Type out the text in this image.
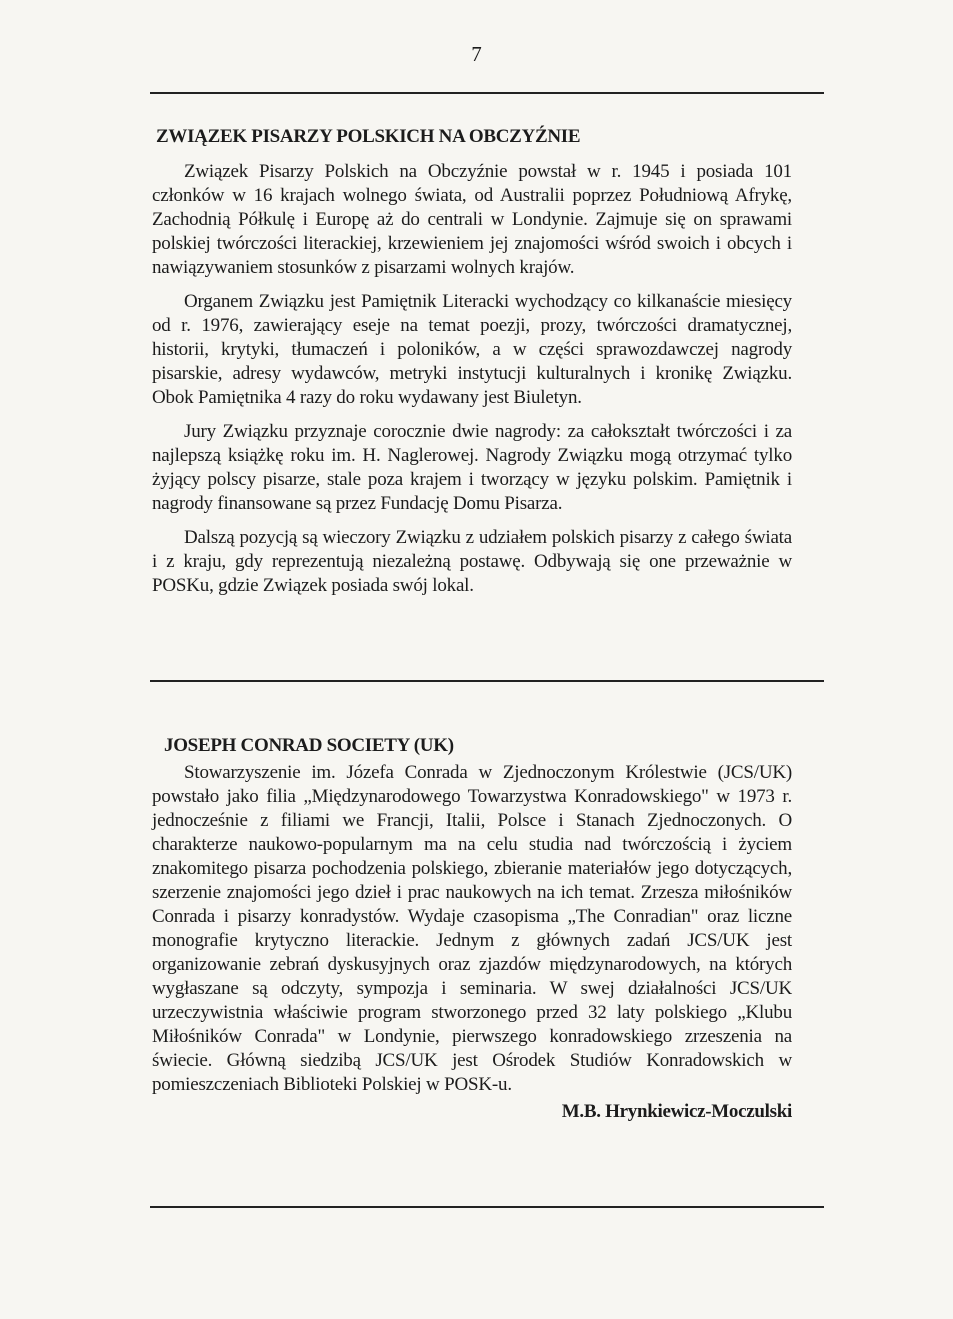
7
ZWIĄZEK PISARZY POLSKICH NA OBCZYŹNIE

Związek Pisarzy Polskich na Obczyźnie powstał w r. 1945 i posiada 101 członków w 16 krajach wolnego świata, od Australii poprzez Południową Afrykę, Zachodnią Półkulę i Europę aż do centrali w Londynie. Zajmuje się on sprawami polskiej twórczości literackiej, krzewieniem jej znajomości wśród swoich i obcych i nawiązywaniem stosunków z pisarzami wolnych krajów.

Organem Związku jest Pamiętnik Literacki wychodzący co kilkanaście miesięcy od r. 1976, zawierający eseje na temat poezji, prozy, twórczości dramatycznej, historii, krytyki, tłumaczeń i poloników, a w części sprawozdawczej nagrody pisarskie, adresy wydawców, metryki instytucji kulturalnych i kronikę Związku. Obok Pamiętnika 4 razy do roku wydawany jest Biuletyn.

Jury Związku przyznaje corocznie dwie nagrody: za całokształt twórczości i za najlepszą książkę roku im. H. Naglerowej. Nagrody Związku mogą otrzymać tylko żyjący polscy pisarze, stale poza krajem i tworzący w języku polskim. Pamiętnik i nagrody finansowane są przez Fundację Domu Pisarza.

Dalszą pozycją są wieczory Związku z udziałem polskich pisarzy z całego świata i z kraju, gdy reprezentują niezależną postawę. Odbywają się one przeważnie w POSKu, gdzie Związek posiada swój lokal.

JOSEPH CONRAD SOCIETY (UK)

Stowarzyszenie im. Józefa Conrada w Zjednoczonym Królestwie (JCS/UK) powstało jako filia „Międzynarodowego Towarzystwa Konradowskiego" w 1973 r. jednocześnie z filiami we Francji, Italii, Polsce i Stanach Zjednoczonych. O charakterze naukowo-popularnym ma na celu studia nad twórczością i życiem znakomitego pisarza pochodzenia polskiego, zbieranie materiałów jego dotyczących, szerzenie znajomości jego dzieł i prac naukowych na ich temat. Zrzesza miłośników Conrada i pisarzy konradystów. Wydaje czasopisma „The Conradian" oraz liczne monografie krytyczno literackie. Jednym z głównych zadań JCS/UK jest organizowanie zebrań dyskusyjnych oraz zjazdów międzynarodowych, na których wygłaszane są odczyty, sympozja i seminaria. W swej działalności JCS/UK urzeczywistnia właściwie program stworzonego przed 32 laty polskiego „Klubu Miłośników Conrada" w Londynie, pierwszego konradowskiego zrzeszenia na świecie. Główną siedzibą JCS/UK jest Ośrodek Studiów Konradowskich w pomieszczeniach Biblioteki Polskiej w POSK-u.

M.B. Hrynkiewicz-Moczulski
